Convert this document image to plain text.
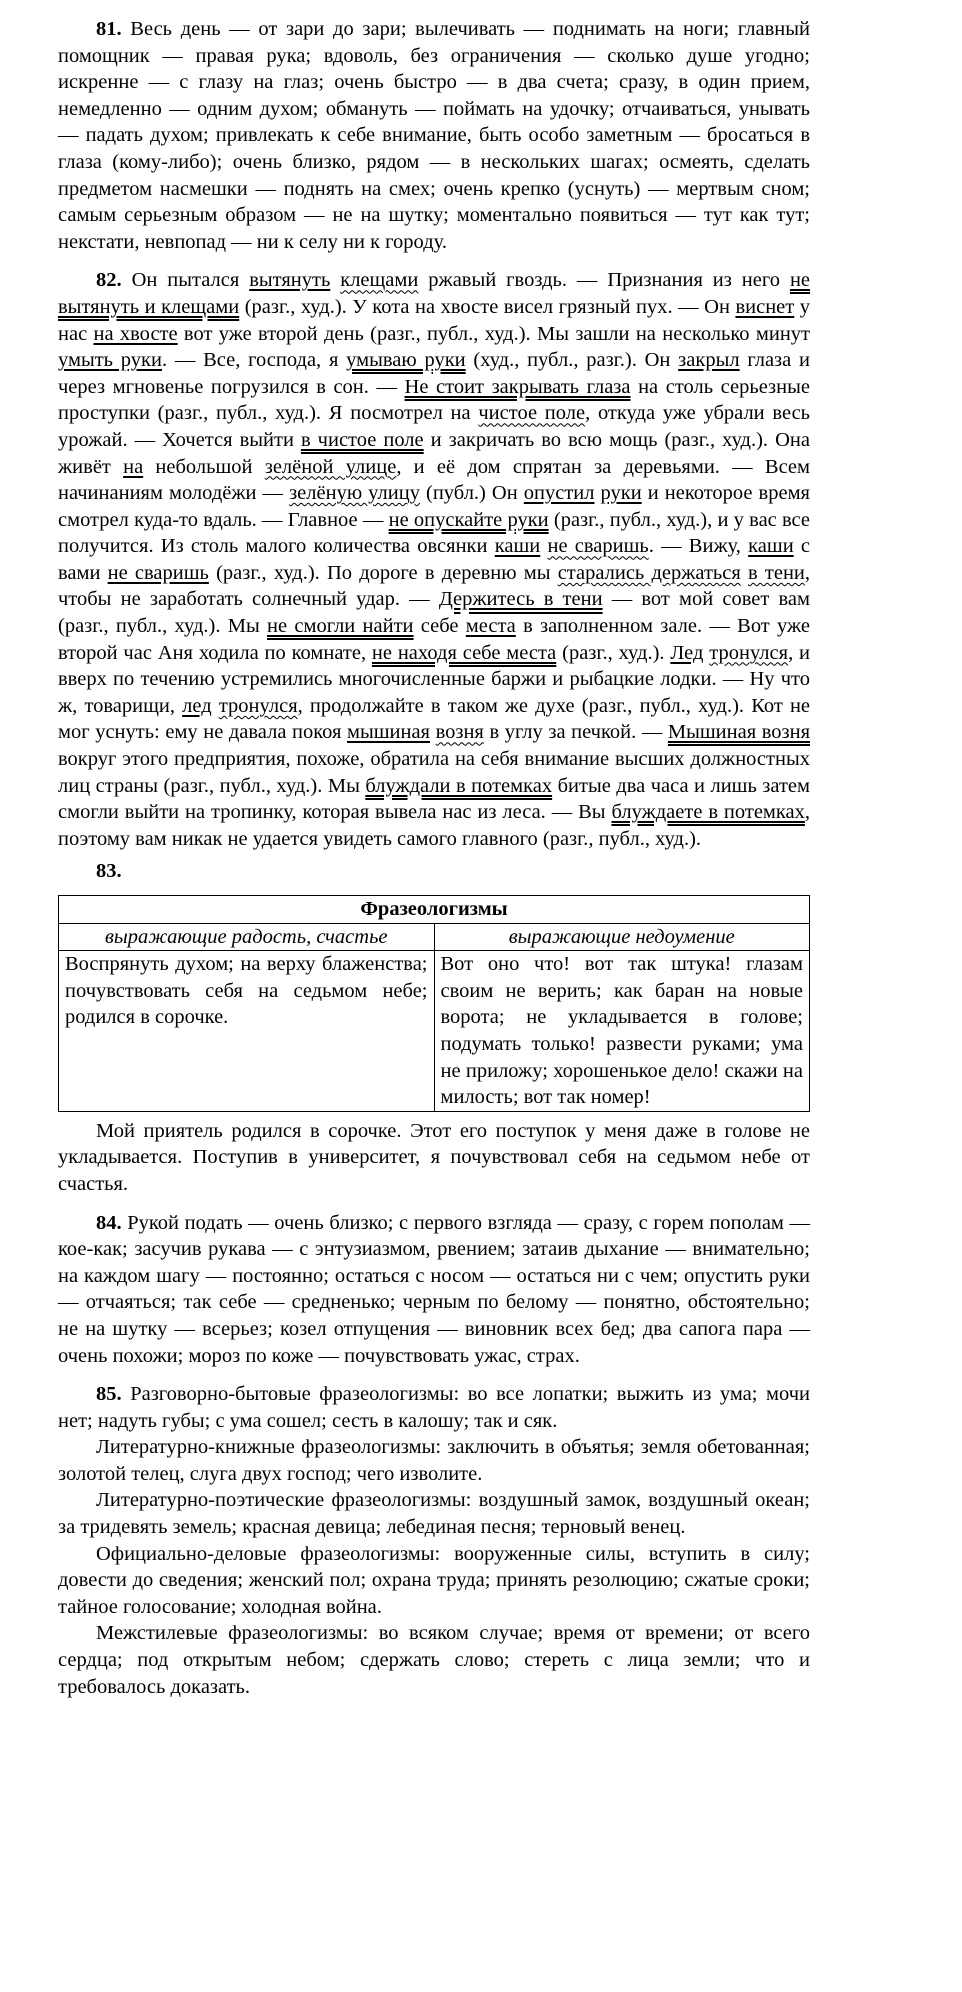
81. Весь день — от зари до зари; вылечивать — поднимать на ноги; главный помощник — правая рука; вдоволь, без ограничения — сколько душе угодно; искренне — с глазу на глаз; очень быстро — в два счета; сразу, в один прием, немедленно — одним духом; обмануть — поймать на удочку; отчаиваться, унывать — падать духом; привлекать к себе внимание, быть особо заметным — бросаться в глаза (кому-либо); очень близко, рядом — в нескольких шагах; осмеять, сделать предметом насмешки — поднять на смех; очень крепко (уснуть) — мертвым сном; самым серьезным образом — не на шутку; моментально появиться — тут как тут; некстати, невпопад — ни к селу ни к городу.

82. Он пытался вытянуть клещами ржавый гвоздь. — Признания из него не вытянуть и клещами (разг., худ.). У кота на хвосте висел грязный пух. — Он виснет у нас на хвосте вот уже второй день (разг., публ., худ.). Мы зашли на несколько минут умыть руки. — Все, господа, я умываю руки (худ., публ., разг.). Он закрыл глаза и через мгновенье погрузился в сон. — Не стоит закрывать глаза на столь серьезные проступки (разг., публ., худ.). Я посмотрел на чистое поле, откуда уже убрали весь урожай. — Хочется выйти в чистое поле и закричать во всю мощь (разг., худ.). Она живёт на небольшой зелёной улице, и её дом спрятан за деревьями. — Всем начинаниям молодёжи — зелёную улицу (публ.) Он опустил руки и некоторое время смотрел куда-то вдаль. — Главное — не опускайте руки (разг., публ., худ.), и у вас все получится. Из столь малого количества овсянки каши не сваришь. — Вижу, каши с вами не сваришь (разг., худ.). По дороге в деревню мы старались держаться в тени, чтобы не заработать солнечный удар. — Держитесь в тени — вот мой совет вам (разг., публ., худ.). Мы не смогли найти себе места в заполненном зале. — Вот уже второй час Аня ходила по комнате, не находя себе места (разг., худ.). Лед тронулся, и вверх по течению устремились многочисленные баржи и рыбацкие лодки. — Ну что ж, товарищи, лед тронулся, продолжайте в таком же духе (разг., публ., худ.). Кот не мог уснуть: ему не давала покоя мышиная возня в углу за печкой. — Мышиная возня вокруг этого предприятия, похоже, обратила на себя внимание высших должностных лиц страны (разг., публ., худ.). Мы блуждали в потемках битые два часа и лишь затем смогли выйти на тропинку, которая вывела нас из леса. — Вы блуждаете в потемках, поэтому вам никак не удается увидеть самого главного (разг., публ., худ.).

83.
Фразеологизмы	
выражающие радость, счастье	выражающие недоумение
Воспрянуть духом; на верху блаженства; почувствовать себя на седьмом небе; родился в сорочке.	Вот оно что! вот так штука! глазам своим не верить; как баран на новые ворота; не укладывается в голове; подумать только! развести руками; ума не приложу; хорошенькое дело! скажи на милость; вот так номер!

Мой приятель родился в сорочке. Этот его поступок у меня даже в голове не укладывается. Поступив в университет, я почувствовал себя на седьмом небе от счастья.

84. Рукой подать — очень близко; с первого взгляда — сразу, с горем пополам — кое-как; засучив рукава — с энтузиазмом, рвением; затаив дыхание — внимательно; на каждом шагу — постоянно; остаться с носом — остаться ни с чем; опустить руки — отчаяться; так себе — средненько; черным по белому — понятно, обстоятельно; не на шутку — всерьез; козел отпущения — виновник всех бед; два сапога пара — очень похожи; мороз по коже — почувствовать ужас, страх.

85. Разговорно-бытовые фразеологизмы: во все лопатки; выжить из ума; мочи нет; надуть губы; с ума сошел; сесть в калошу; так и сяк.

Литературно-книжные фразеологизмы: заключить в объятья; земля обетованная; золотой телец, слуга двух господ; чего изволите.

Литературно-поэтические фразеологизмы: воздушный замок, воздушный океан; за тридевять земель; красная девица; лебединая песня; терновый венец.

Официально-деловые фразеологизмы: вооруженные силы, вступить в силу; довести до сведения; женский пол; охрана труда; принять резолюцию; сжатые сроки; тайное голосование; холодная война.

Межстилевые фразеологизмы: во всяком случае; время от времени; от всего сердца; под открытым небом; сдержать слово; стереть с лица земли; что и требовалось доказать.
